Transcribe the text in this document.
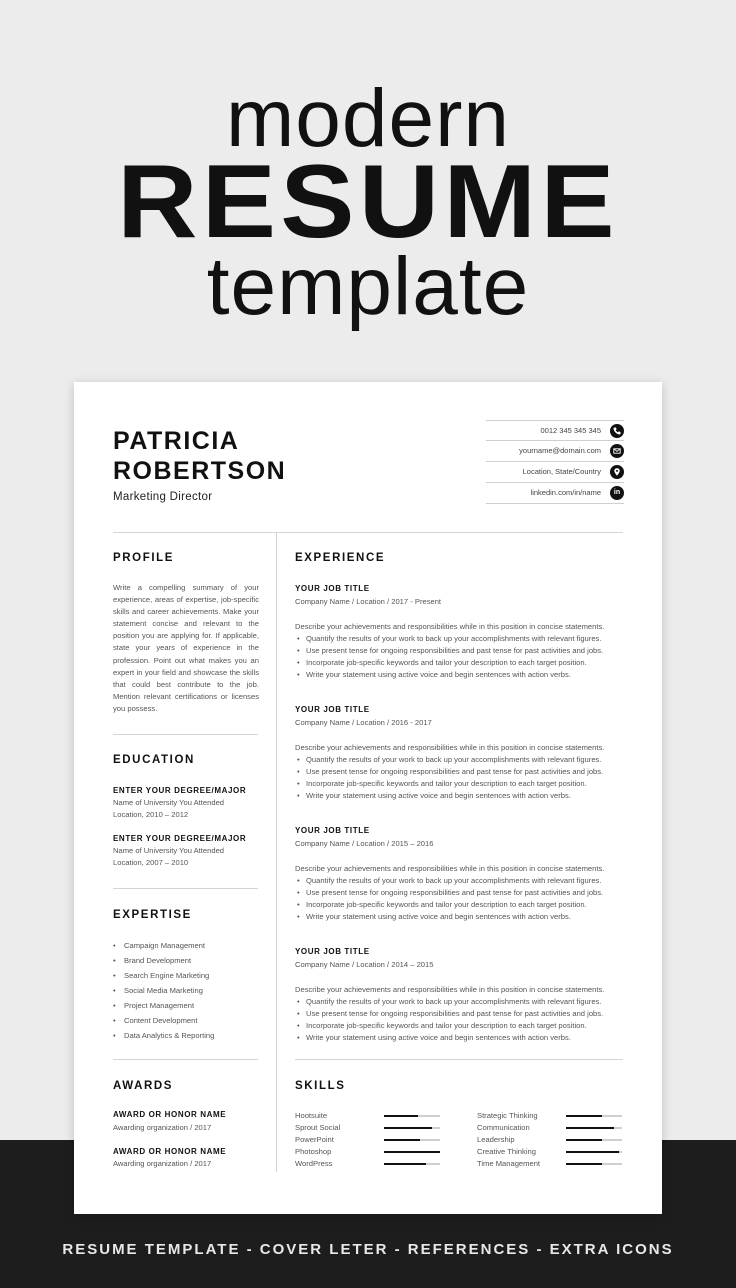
modern
RESUME
template
PATRICIA
ROBERTSON
Marketing Director
0012 345 345 345
yourname@domain.com
Location, State/Country
linkedin.com/in/name	in
PROFILE
Write a compelling summary of your experience, areas of expertise, job-specific skills and career achievements. Make your statement concise and relevant to the position you are applying for. If applicable, state your years of experience in the profession. Point out what makes you an expert in your field and showcase the skills that could best contribute to the job. Mention relevant certifications or licenses you possess.
EDUCATION
ENTER YOUR DEGREE/MAJOR
Name of University You Attended
Location, 2010 – 2012
ENTER YOUR DEGREE/MAJOR
Name of University You Attended
Location, 2007 – 2010
EXPERTISE
• Campaign Management
• Brand Development
• Search Engine Marketing
• Social Media Marketing
• Project Management
• Content Development
• Data Analytics & Reporting
AWARDS
AWARD OR HONOR NAME
Awarding organization / 2017
AWARD OR HONOR NAME
Awarding organization / 2017
EXPERIENCE
YOUR JOB TITLE
Company Name / Location / 2017 - Present
Describe your achievements and responsibilities while in this position in concise statements.
• Quantify the results of your work to back up your accomplishments with relevant figures.
• Use present tense for ongoing responsibilities and past tense for past activities and jobs.
• Incorporate job-specific keywords and tailor your description to each target position.
• Write your statement using active voice and begin sentences with action verbs.
YOUR JOB TITLE
Company Name / Location / 2016 - 2017
Describe your achievements and responsibilities while in this position in concise statements.
• Quantify the results of your work to back up your accomplishments with relevant figures.
• Use present tense for ongoing responsibilities and past tense for past activities and jobs.
• Incorporate job-specific keywords and tailor your description to each target position.
• Write your statement using active voice and begin sentences with action verbs.
YOUR JOB TITLE
Company Name / Location / 2015 – 2016
Describe your achievements and responsibilities while in this position in concise statements.
• Quantify the results of your work to back up your accomplishments with relevant figures.
• Use present tense for ongoing responsibilities and past tense for past activities and jobs.
• Incorporate job-specific keywords and tailor your description to each target position.
• Write your statement using active voice and begin sentences with action verbs.
YOUR JOB TITLE
Company Name / Location / 2014 – 2015
Describe your achievements and responsibilities while in this position in concise statements.
• Quantify the results of your work to back up your accomplishments with relevant figures.
• Use present tense for ongoing responsibilities and past tense for past activities and jobs.
• Incorporate job-specific keywords and tailor your description to each target position.
• Write your statement using active voice and begin sentences with action verbs.
SKILLS
Hootsuite
Sprout Social
PowerPoint
Photoshop
WordPress
Strategic Thinking
Communication
Leadership
Creative Thinking
Time Management
RESUME TEMPLATE - COVER LETER - REFERENCES - EXTRA ICONS
